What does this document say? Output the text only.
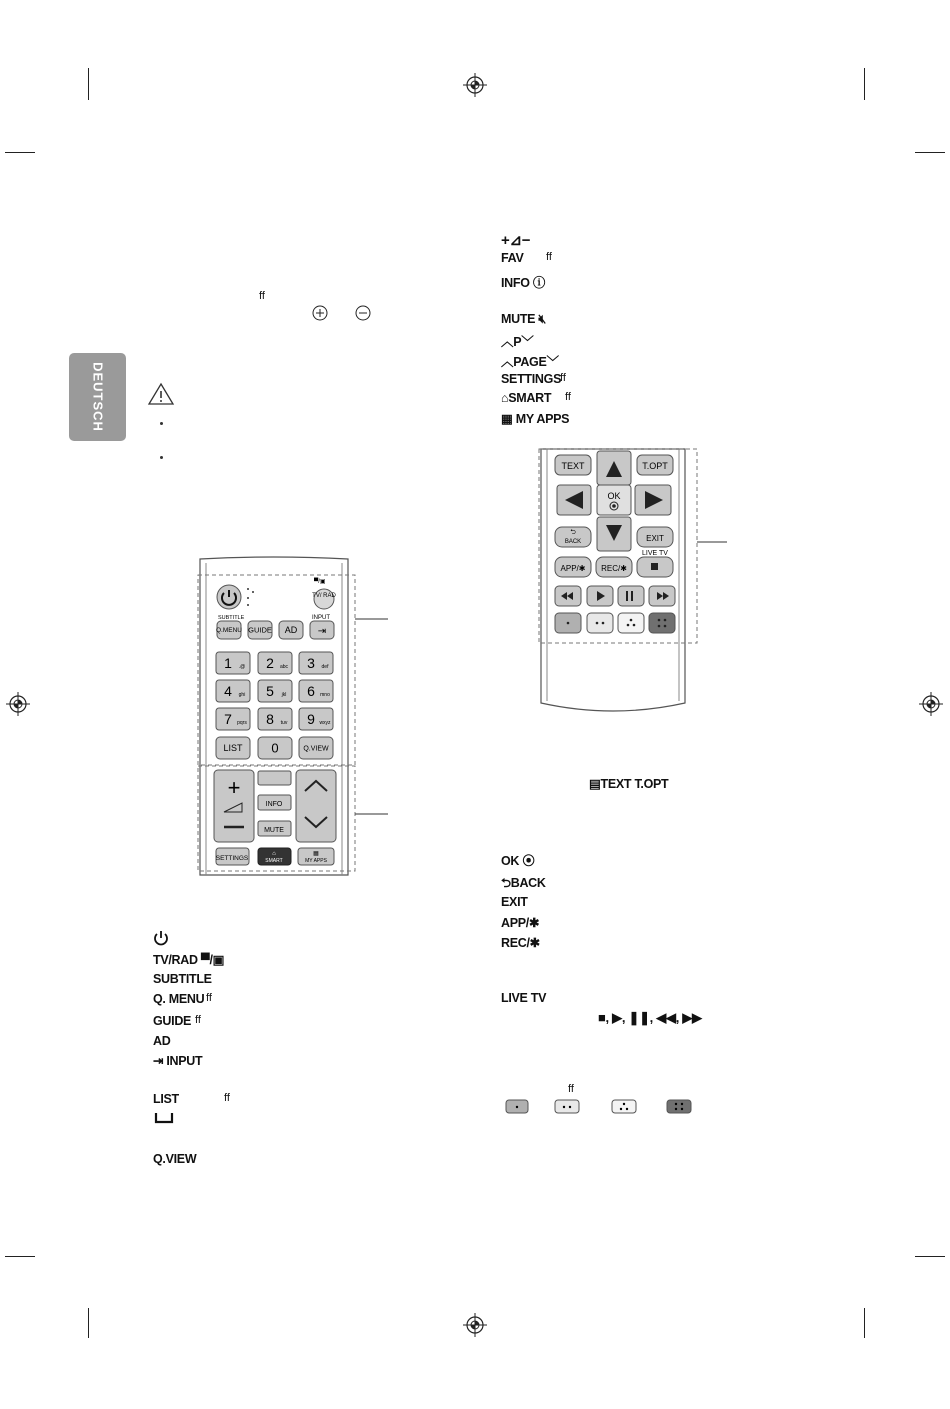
DEUTSCH
ff
TV/ RAD
▀/▣
SUBTITLE	INPUT
Q.MENU GUIDE AD ⇥
1 .@ 2 abc 3 def
4 ghi 5 jkl 6 mno
7 pqrs 8 tuv 9 wxyz
LIST 0	Q.VIEW
+
INFO
MUTE
SETTINGS
⌂
SMART
▦
MY APPS
TEXT	T.OPT
OK
⮌
BACK	EXIT
LIVE TV
APP/✱ REC/✱
TV/RAD ▀/▣
SUBTITLE
Q. MENU ff
GUIDE ff
AD
⇥ INPUT
LIST	ff
Q.VIEW
+⊿−
FAV ff
INFO ⓘ
MUTE 🔇︎
︿P﹀
︿PAGE﹀
SETTINGS
ff
⌂SMART ff
▦ MY APPS
▤TEXT T.OPT
OK ⦿
⮌BACK
EXIT
APP/✱
REC/✱
LIVE TV
■, ▶, ❚❚, ◀◀, ▶▶
ff
